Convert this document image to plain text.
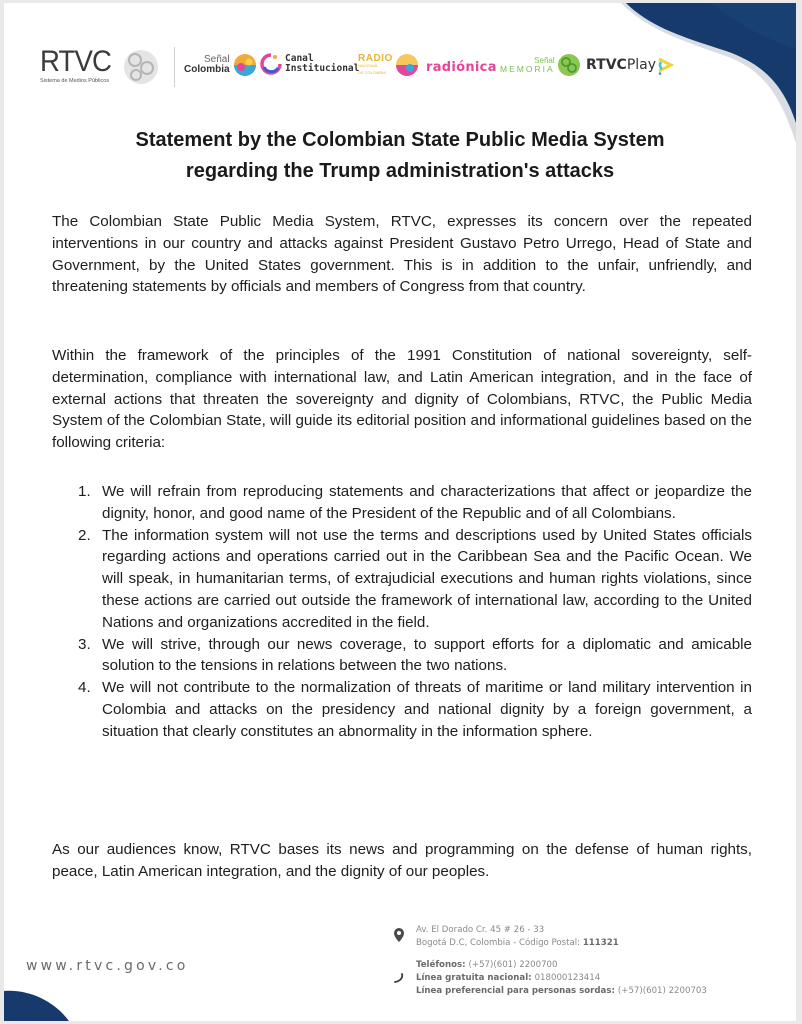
RTVC
Sistema de Medios Públicos
Señal
Colombia
Canal
Institucional
RADIO
NACIONAL
DE COLOMBIA	radiónica	Señal
MEMORIA RTVC Play
Statement by the Colombian State Public Media System
regarding the Trump administration's attacks
The Colombian State Public Media System, RTVC, expresses its concern over the repeated interventions in our country and attacks against President Gustavo Petro Urrego, Head of State and Government, by the United States government. This is in addition to the unfair, unfriendly, and threatening statements by officials and members of Congress from that country.
Within the framework of the principles of the 1991 Constitution of national sovereignty, self-determination, compliance with international law, and Latin American integration, and in the face of external actions that threaten the sovereignty and dignity of Colombians, RTVC, the Public Media System of the Colombian State, will guide its editorial position and informational guidelines based on the following criteria:
1. We will refrain from reproducing statements and characterizations that affect or jeopardize the dignity, honor, and good name of the President of the Republic and of all Colombians.
2. The information system will not use the terms and descriptions used by United States officials regarding actions and operations carried out in the Caribbean Sea and the Pacific Ocean. We will speak, in humanitarian terms, of extrajudicial executions and human rights violations, since these actions are carried out outside the framework of international law, according to the United Nations and organizations accredited in the field.
3. We will strive, through our news coverage, to support efforts for a diplomatic and amicable solution to the tensions in relations between the two nations.
4. We will not contribute to the normalization of threats of maritime or land military intervention in Colombia and attacks on the presidency and national dignity by a foreign government, a situation that clearly constitutes an abnormality in the information sphere.
As our audiences know, RTVC bases its news and programming on the defense of human rights, peace, Latin American integration, and the dignity of our peoples.
www.rtvc.gov.co
Av. El Dorado Cr. 45 # 26 - 33
Bogotá D.C, Colombia - Código Postal: 111321
Teléfonos: (+57)(601) 2200700
Línea gratuita nacional: 018000123414
Línea preferencial para personas sordas: (+57)(601) 2200703
